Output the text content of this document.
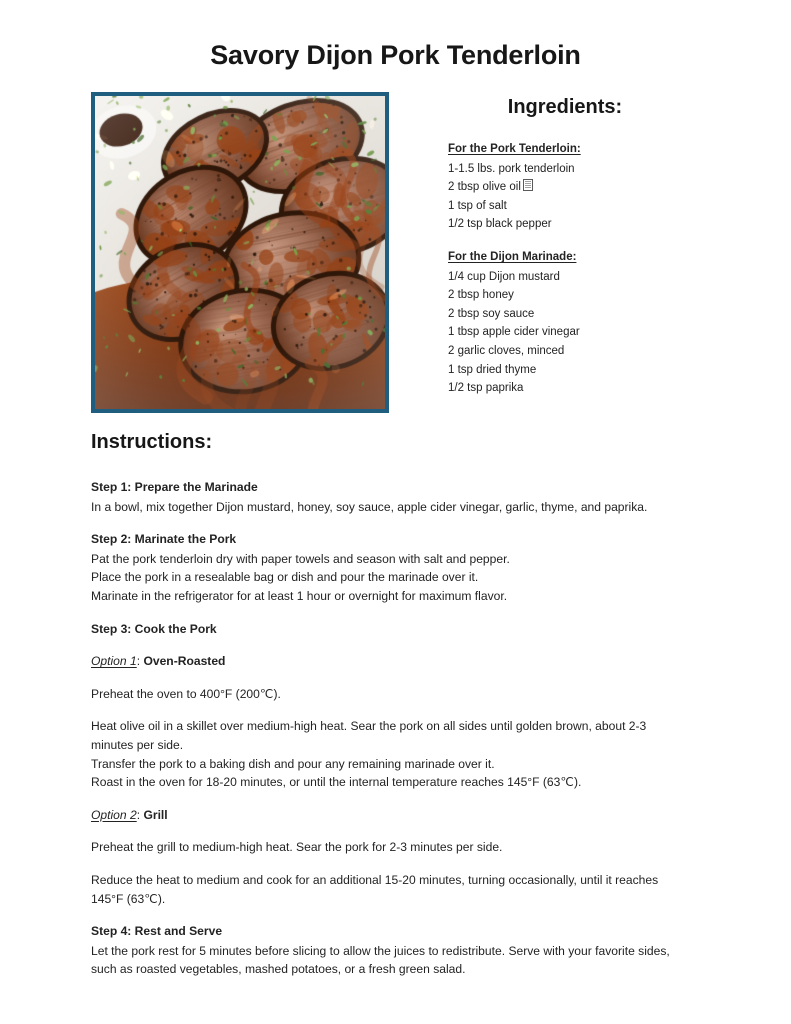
Savory Dijon Pork Tenderloin
Ingredients:
For the Pork Tenderloin:
1-1.5 lbs. pork tenderloin
2 tbsp olive oil
1 tsp of salt
1/2 tsp black pepper
For the Dijon Marinade:
1/4 cup Dijon mustard
2 tbsp honey
2 tbsp soy sauce
1 tbsp apple cider vinegar
2 garlic cloves, minced
1 tsp dried thyme
1/2 tsp paprika
Instructions:
Step 1: Prepare the Marinade
In a bowl, mix together Dijon mustard, honey, soy sauce, apple cider vinegar, garlic, thyme, and paprika.
Step 2: Marinate the Pork
Pat the pork tenderloin dry with paper towels and season with salt and pepper.
Place the pork in a resealable bag or dish and pour the marinade over it.
Marinate in the refrigerator for at least 1 hour or overnight for maximum flavor.
Step 3: Cook the Pork
Option 1: Oven-Roasted
Preheat the oven to 400°F (200℃).
Heat olive oil in a skillet over medium-high heat. Sear the pork on all sides until golden brown, about 2-3 minutes per side.
Transfer the pork to a baking dish and pour any remaining marinade over it.
Roast in the oven for 18-20 minutes, or until the internal temperature reaches 145°F (63℃).
Option 2: Grill
Preheat the grill to medium-high heat. Sear the pork for 2-3 minutes per side.
Reduce the heat to medium and cook for an additional 15-20 minutes, turning occasionally, until it reaches 145°F (63℃).
Step 4: Rest and Serve
Let the pork rest for 5 minutes before slicing to allow the juices to redistribute. Serve with your favorite sides, such as roasted vegetables, mashed potatoes, or a fresh green salad.
